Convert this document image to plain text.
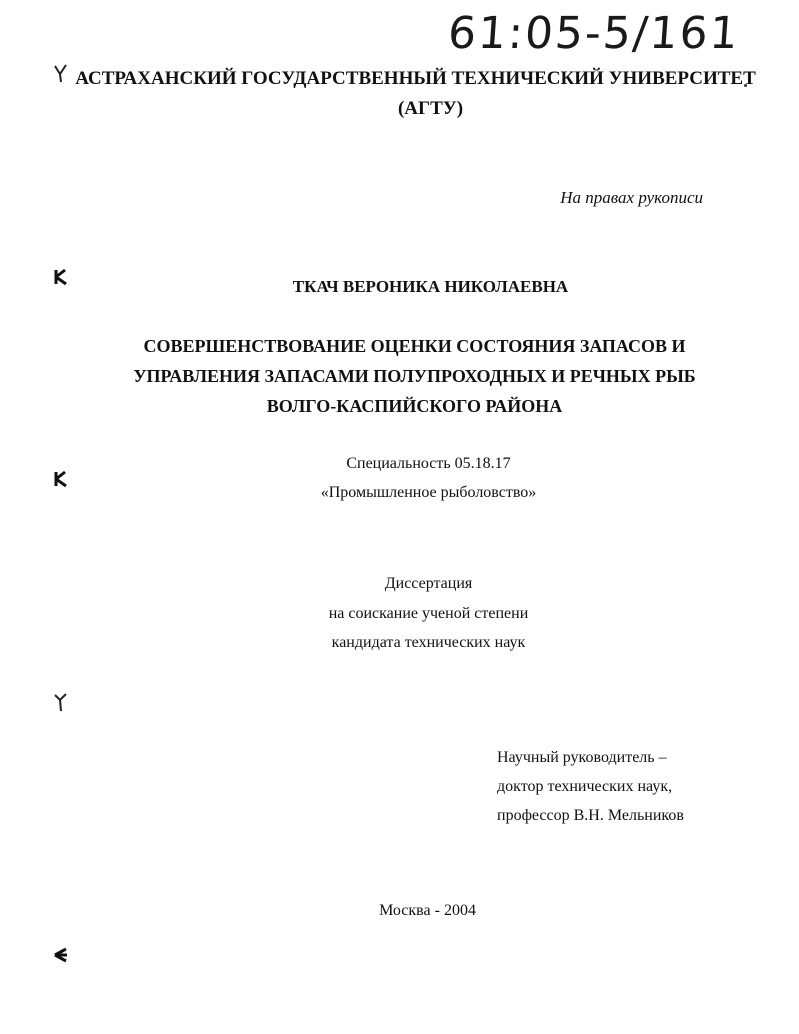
61:05-5/161
АСТРАХАНСКИЙ ГОСУДАРСТВЕННЫЙ ТЕХНИЧЕСКИЙ УНИВЕРСИТЕТ
(АГТУ)
На правах рукописи
ТКАЧ ВЕРОНИКА НИКОЛАЕВНА
СОВЕРШЕНСТВОВАНИЕ ОЦЕНКИ СОСТОЯНИЯ ЗАПАСОВ И
УПРАВЛЕНИЯ ЗАПАСАМИ ПОЛУПРОХОДНЫХ И РЕЧНЫХ РЫБ
ВОЛГО-КАСПИЙСКОГО РАЙОНА
Специальность 05.18.17
«Промышленное рыболовство»
Диссертация
на соискание ученой степени
кандидата технических наук
Научный руководитель –
доктор технических наук,
профессор В.Н. Мельников
Москва - 2004
